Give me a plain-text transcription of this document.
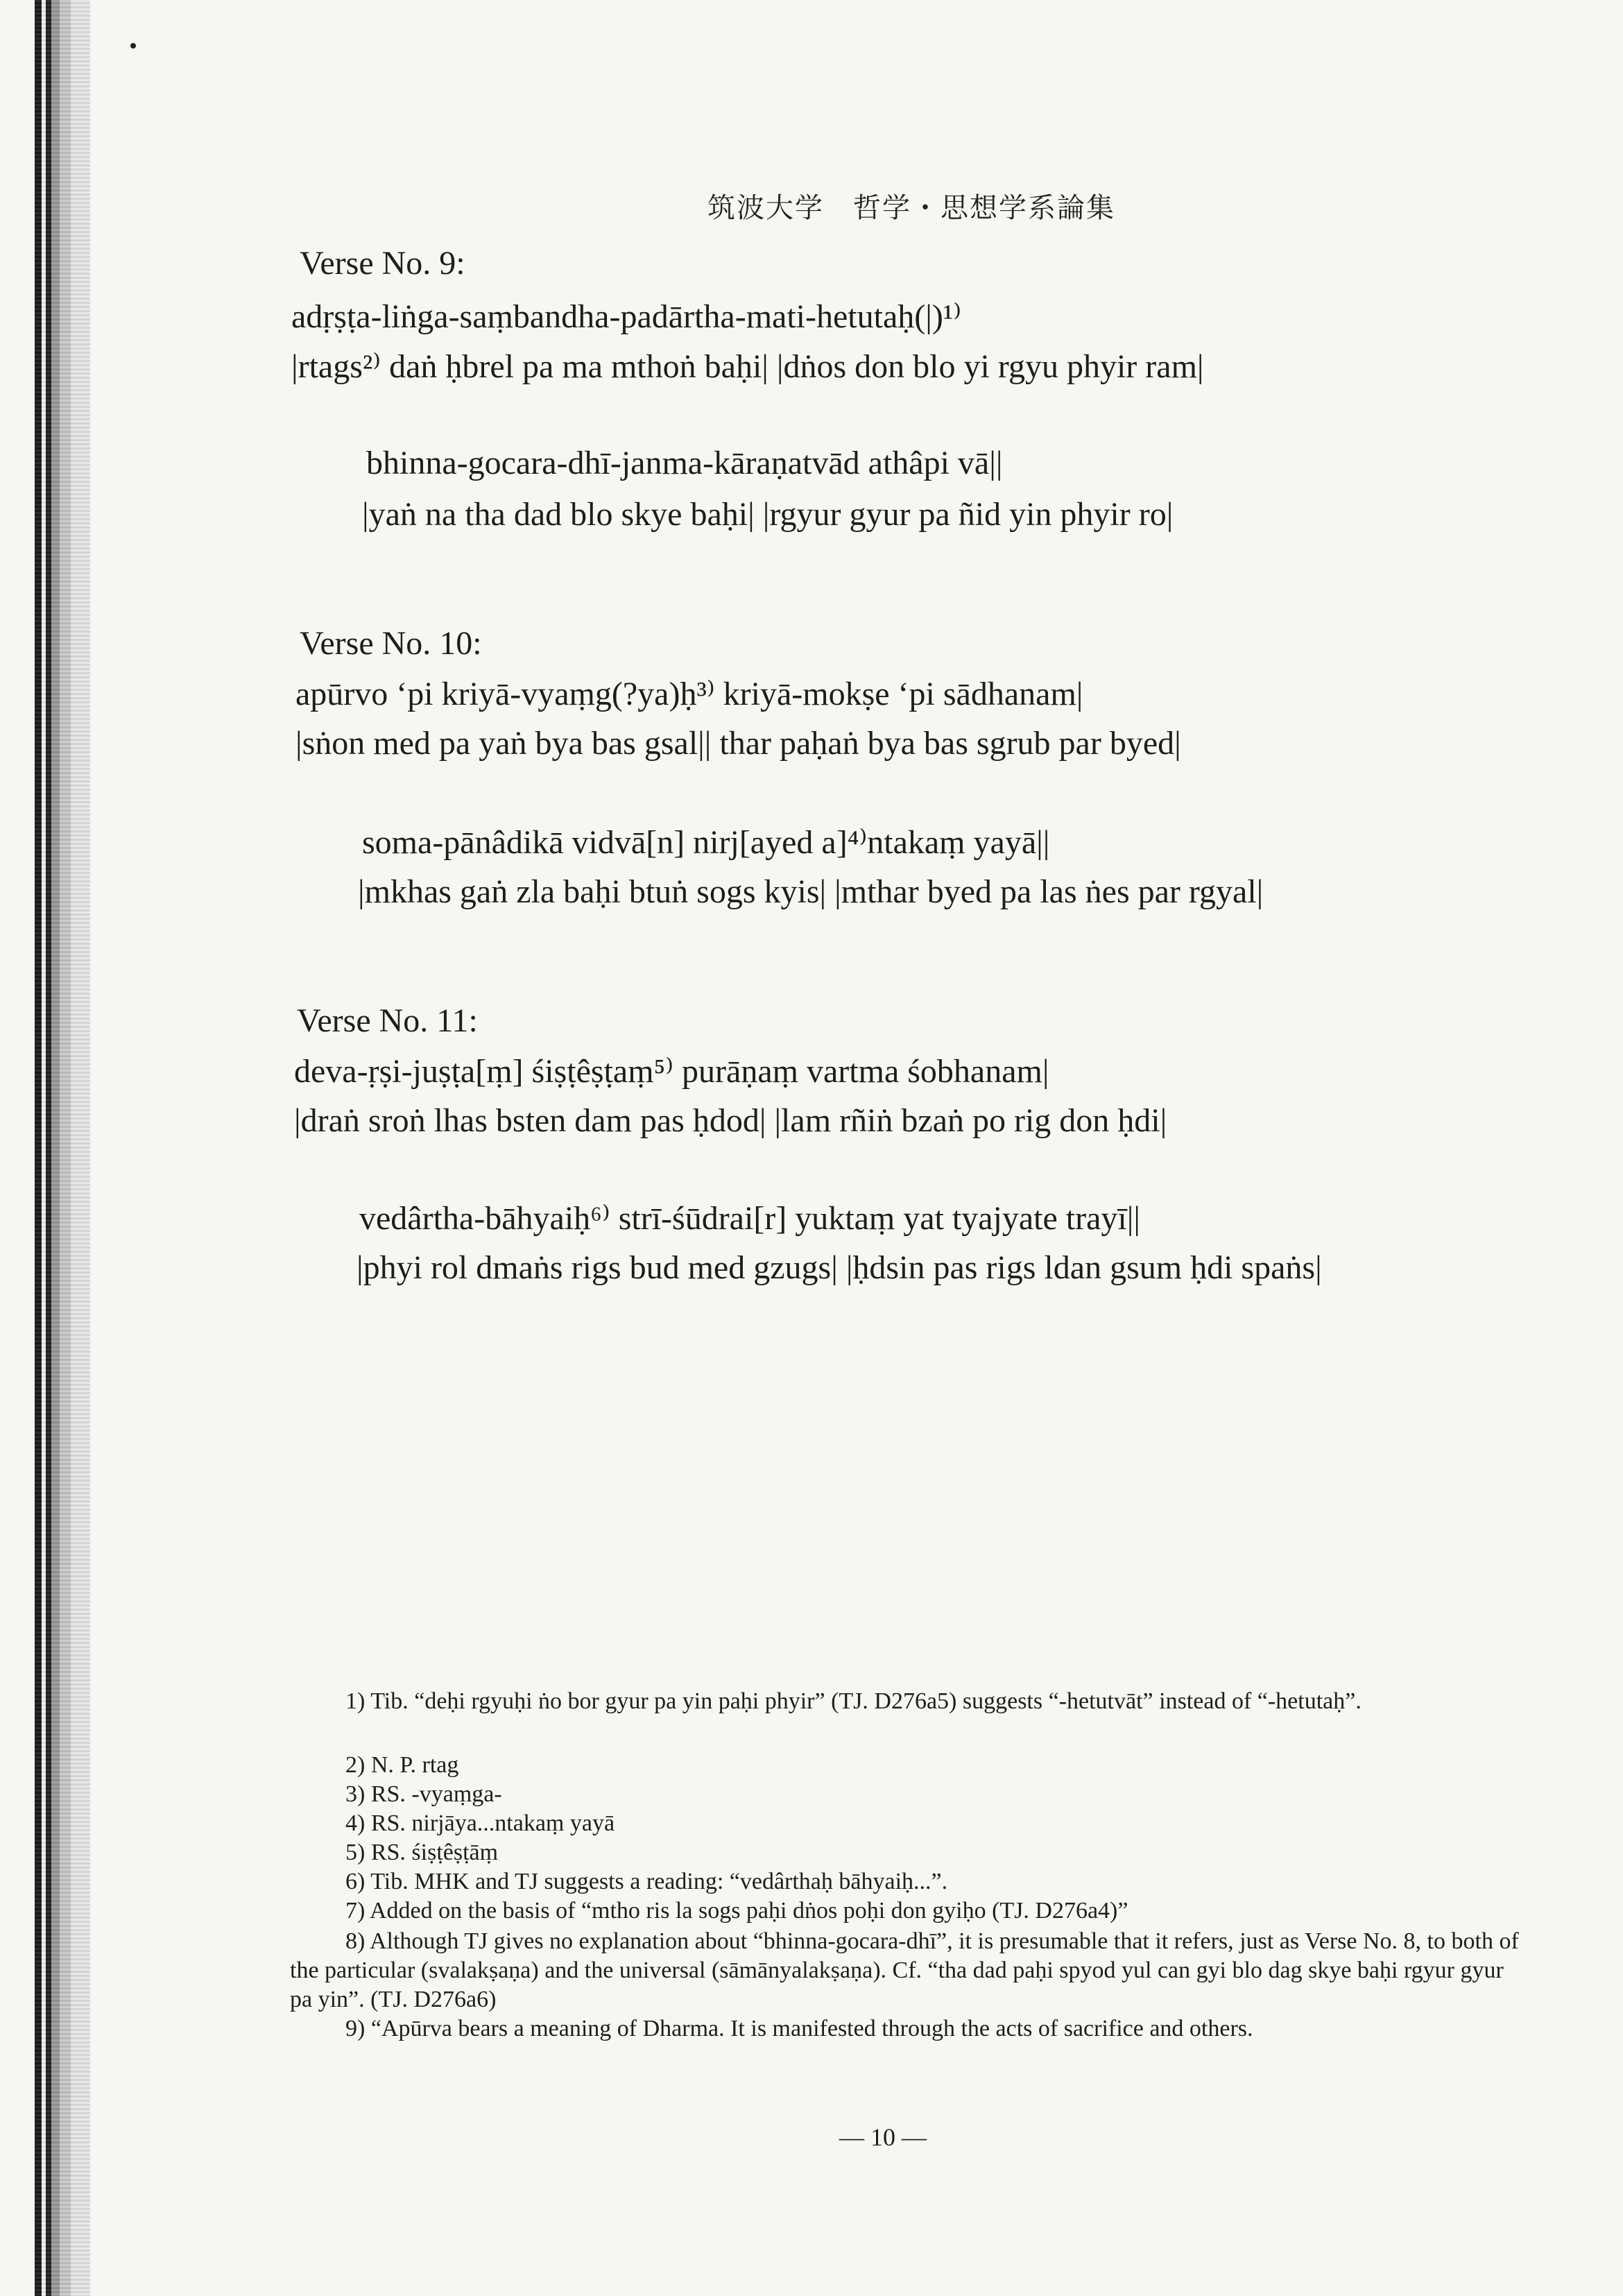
筑波大学　哲学・思想学系論集
Verse No. 9:
adṛṣṭa-liṅga-saṃbandha-padārtha-mati-hetutaḥ(|)¹⁾
|rtags²⁾ daṅ ḥbrel pa ma mthoṅ baḥi| |dṅos don blo yi rgyu phyir ram|
bhinna-gocara-dhī-janma-kāraṇatvād athâpi vā||
|yaṅ na tha dad blo skye baḥi| |rgyur gyur pa ñid yin phyir ro|
Verse No. 10:
apūrvo ‘pi kriyā-vyaṃg(?ya)ḥ³⁾ kriyā-mokṣe ‘pi sādhanam|
|sṅon med pa yaṅ bya bas gsal|| thar paḥaṅ bya bas sgrub par byed|
soma-pānâdikā vidvā[n] nirj[ayed a]⁴⁾ntakaṃ yayā||
|mkhas gaṅ zla baḥi btuṅ sogs kyis| |mthar byed pa las ṅes par rgyal|
Verse No. 11:
deva-ṛṣi-juṣṭa[ṃ] śiṣṭêṣṭaṃ⁵⁾ purāṇaṃ vartma śobhanam|
|draṅ sroṅ lhas bsten dam pas ḥdod| |lam rñiṅ bzaṅ po rig don ḥdi|
vedârtha-bāhyaiḥ⁶⁾ strī-śūdrai[r] yuktaṃ yat tyajyate trayī||
|phyi rol dmaṅs rigs bud med gzugs| |ḥdsin pas rigs ldan gsum ḥdi spaṅs|
1) Tib. “deḥi rgyuḥi ṅo bor gyur pa yin paḥi phyir” (TJ. D276a5) suggests “-hetutvāt” instead of “-hetutaḥ”.
2) N. P. rtag
3) RS. -vyaṃga-
4) RS. nirjāya...ntakaṃ yayā
5) RS. śiṣṭêṣṭāṃ
6) Tib. MHK and TJ suggests a reading: “vedârthaḥ bāhyaiḥ...”.
7) Added on the basis of “mtho ris la sogs paḥi dṅos poḥi don gyiḥo (TJ. D276a4)”
8) Although TJ gives no explanation about “bhinna-gocara-dhī”, it is presumable that it refers, just as Verse No. 8, to both of the particular (svalakṣaṇa) and the universal (sāmānyalakṣaṇa). Cf. “tha dad paḥi spyod yul can gyi blo dag skye baḥi rgyur gyur pa yin”. (TJ. D276a6)
9) “Apūrva bears a meaning of Dharma. It is manifested through the acts of sacrifice and others.
— 10 —
